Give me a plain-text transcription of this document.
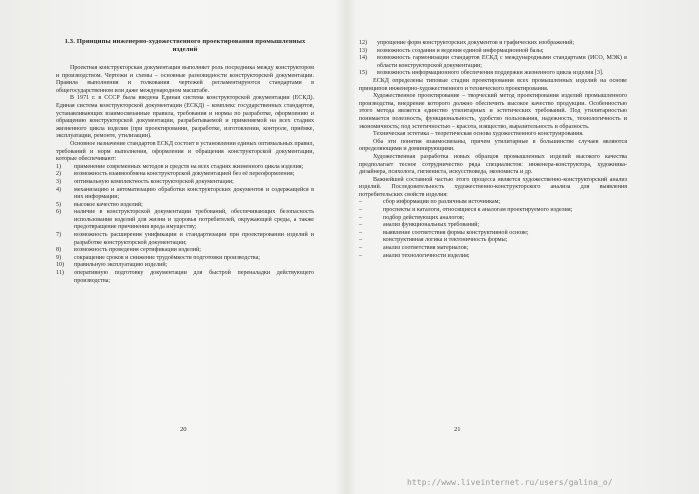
1.3. Принципы инженерно-художественного проектирования промышленных изделий

Проектная конструкторская документация выполняет роль посредника между конструктором и производством. Чертежи и схемы – основные разновидности конструкторской документации. Правила выполнения и толкования чертежей регламентируются стандартами в общегосударственном или даже международном масштабе.

В 1971 г. в СССР была введена Единая система конструкторской документации (ЕСКД). Единая система конструкторской документации (ЕСКД) – комплекс государственных стандартов, устанавливающих взаимосвязанные правила, требования и нормы по разработке, оформлению и обращению конструкторской документации, разрабатываемой и применяемой на всех стадиях жизненного цикла изделия (при проектировании, разработке, изготовлении, контроле, приёмке, эксплуатации, ремонте, утилизации).

Основное назначение стандартов ЕСКД состоит в установлении единых оптимальных правил, требований и норм выполнения, оформления и обращения конструкторской документации, которые обеспечивают:

1)	применение современных методов и средств на всех стадиях жизненного цикла изделия;
2)	возможность взаимообмена конструкторской документацией без её переоформления;
3)	оптимальную комплектность конструкторской документации;
4)	механизацию и автоматизацию обработки конструкторских документов и содержащейся в них информации;
5)	высокое качество изделий;
6)	наличие в конструкторской документации требований, обеспечивающих безопасность использования изделий для жизни и здоровья потребителей, окружающей среды, а также предотвращение причинения вреда имуществу;
7)	возможность расширения унификации и стандартизации при проектировании изделий и разработке конструкторской документации;
8)	возможность проведения сертификации изделий;
9)	сокращение сроков и снижение трудоёмкости подготовки производства;
10)	правильную эксплуатацию изделий;
11)	оперативную подготовку документации для быстрой переналадки действующего производства;
20
12)	упрощение форм конструкторских документов и графических изображений;
13)	возможность создания и ведения единой информационной базы;
14)	возможность гармонизации стандартов ЕСКД с международными стандартами (ИСО, МЭК) в области конструкторской документации;
15)	возможность информационного обеспечения поддержки жизненного цикла изделия [3].

ЕСКД определены типовые стадии проектирования всех промышленных изделий на основе принципов инженерно-художественного и технического проектирования.

Художественное проектирование – творческий метод проектирования изделий промышленного производства, внедрение которого должно обеспечить высокое качество продукции. Особенностью этого метода является единство утилитарных и эстетических требований. Под утилитарностью понимается полезность, функциональность, удобство пользования, надежность, технологичность и экономичность; под эстетичностью – красота, изящество, выразительность и образность.

Техническая эстетика – теоретическая основа художественного конструирования.

Оба эти понятия взаимосвязаны, причем утилитарные в большинстве случаев являются определяющими и доминирующими.

Художественная разработка новых образцов промышленных изделий высокого качества предполагает тесное сотрудничество ряда специалистов: инженера-конструктора, художника-дизайнера, психолога, гигиениста, искусствоведа, экономиста и др.

Важнейшей составной частью этого процесса является художественно-конструкторский анализ изделий. Последовательность художественно-конструкторского анализа для выявления потребительских свойств изделия:

–	сбор информации по различным источникам;
–	проспекты и каталоги, относящиеся к аналогам проектируемого изделия;
–	подбор действующих аналогов;
–	анализ функциональных требований;
–	выявление соответствия формы конструктивной основе;
–	конструктивная логика и тектоничность формы;
–	анализ соответствия материалов;
–	анализ технологичности изделия;
21
http://www.liveinternet.ru/users/galina_o/
